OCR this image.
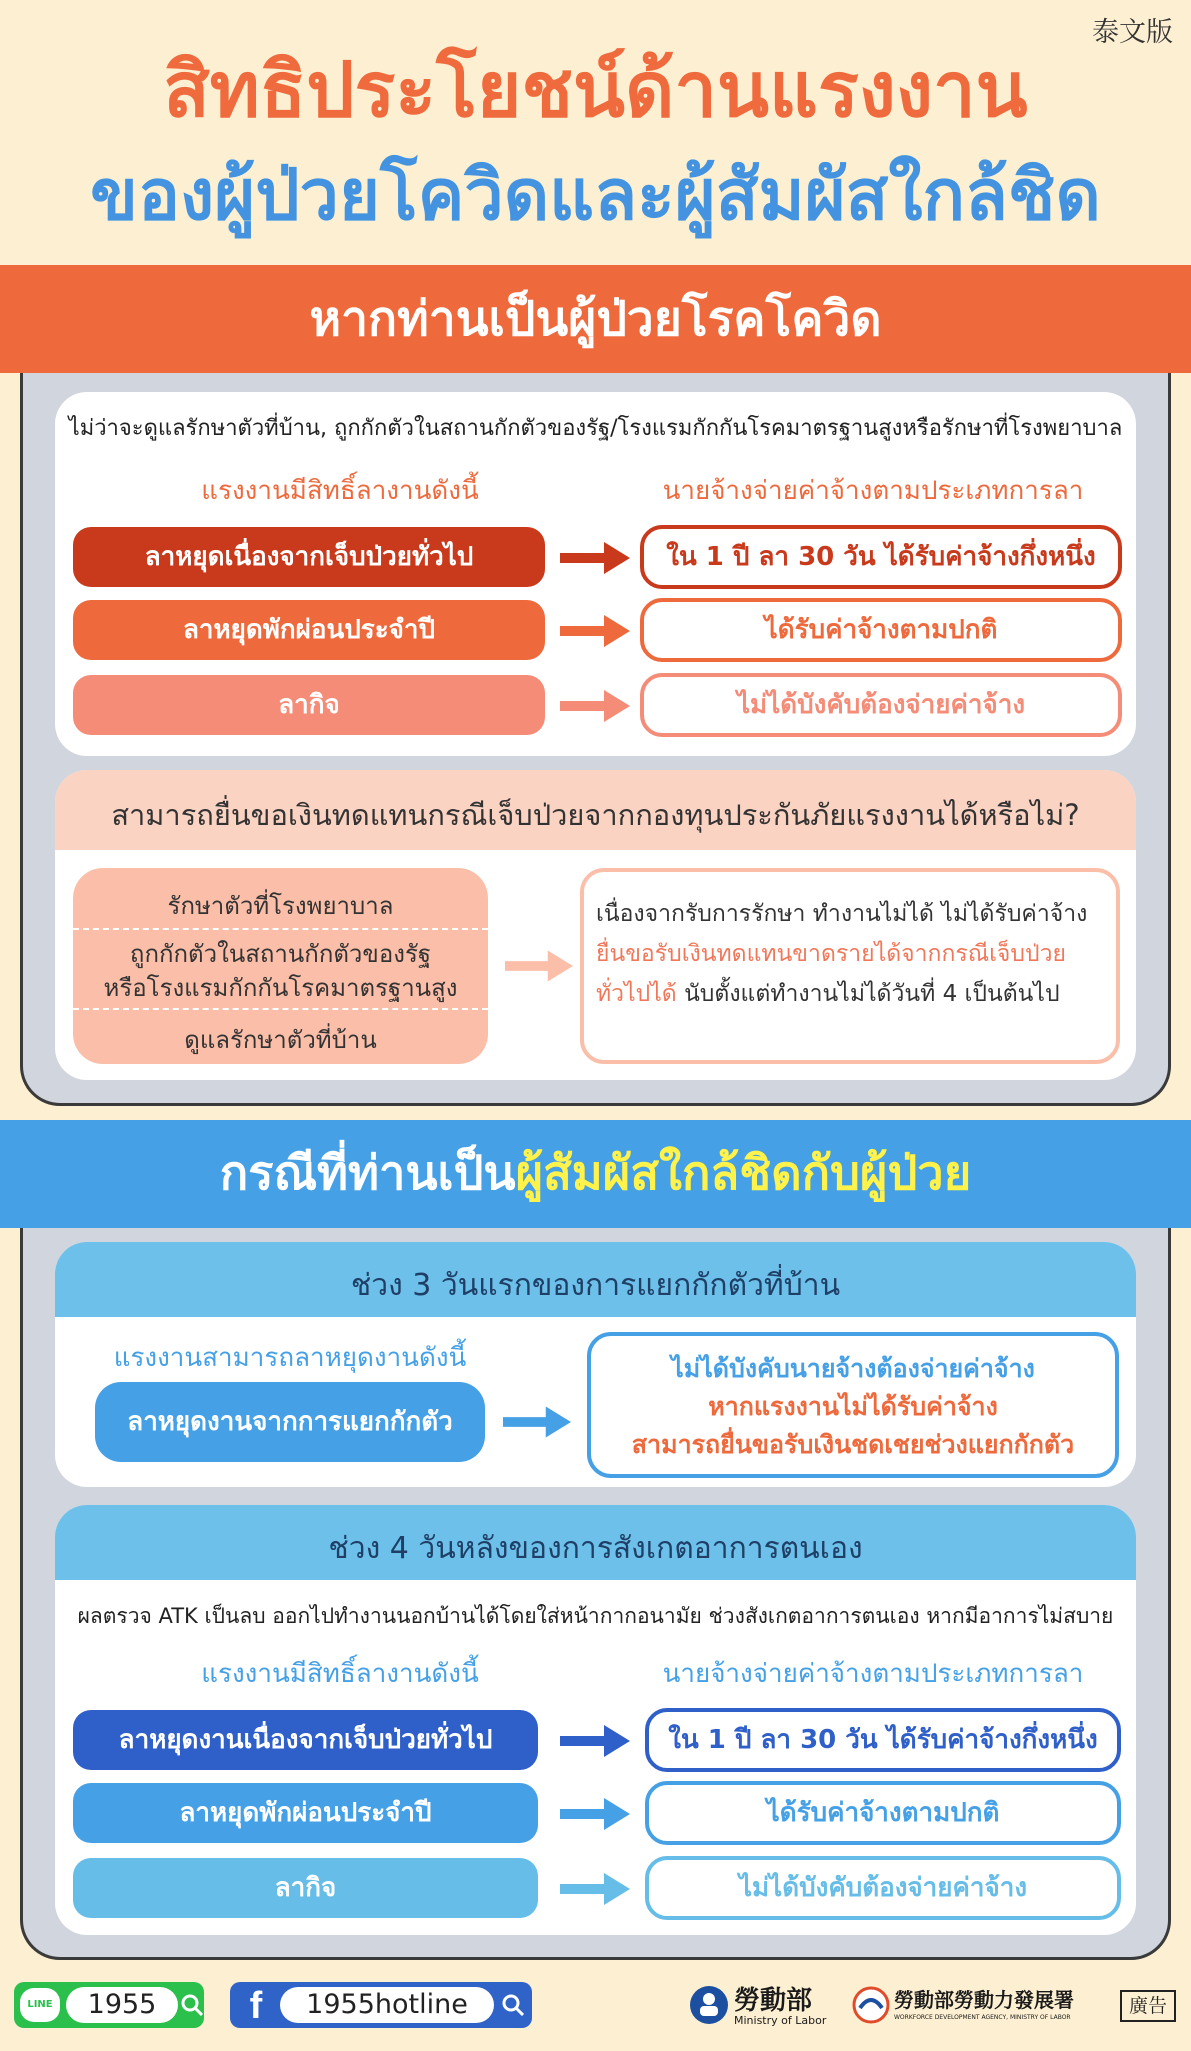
泰文版
สิทธิประโยชน์ด้านแรงงาน
ของผู้ป่วยโควิดและผู้สัมผัสใกล้ชิด
หากท่านเป็นผู้ป่วยโรคโควิด
ไม่ว่าจะดูแลรักษาตัวที่บ้าน, ถูกกักตัวในสถานกักตัวของรัฐ/โรงแรมกักกันโรคมาตรฐานสูงหรือรักษาที่โรงพยาบาล
แรงงานมีสิทธิ์ลางานดังนี้	นายจ้างจ่ายค่าจ้างตามประเภทการลา
ลาหยุดเนื่องจากเจ็บป่วยทั่วไป	ใน 1 ปี ลา 30 วัน ได้รับค่าจ้างกึ่งหนึ่ง
ลาหยุดพักผ่อนประจำปี	ได้รับค่าจ้างตามปกติ
ลากิจ	ไม่ได้บังคับต้องจ่ายค่าจ้าง
สามารถยื่นขอเงินทดแทนกรณีเจ็บป่วยจากกองทุนประกันภัยแรงงานได้หรือไม่?
รักษาตัวที่โรงพยาบาล
ถูกกักตัวในสถานกักตัวของรัฐ
หรือโรงแรมกักกันโรคมาตรฐานสูง
ดูแลรักษาตัวที่บ้าน
เนื่องจากรับการรักษา ทำงานไม่ได้ ไม่ได้รับค่าจ้าง
ยื่นขอรับเงินทดแทนขาดรายได้จากกรณีเจ็บป่วย
ทั่วไปได้ นับตั้งแต่ทำงานไม่ได้วันที่ 4 เป็นต้นไป
กรณีที่ท่านเป็นผู้สัมผัสใกล้ชิดกับผู้ป่วย
ช่วง 3 วันแรกของการแยกกักตัวที่บ้าน
แรงงานสามารถลาหยุดงานดังนี้
ลาหยุดงานจากการแยกกักตัว
ไม่ได้บังคับนายจ้างต้องจ่ายค่าจ้าง
หากแรงงานไม่ได้รับค่าจ้าง
สามารถยื่นขอรับเงินชดเชยช่วงแยกกักตัว
ช่วง 4 วันหลังของการสังเกตอาการตนเอง
ผลตรวจ ATK เป็นลบ ออกไปทำงานนอกบ้านได้โดยใส่หน้ากากอนามัย ช่วงสังเกตอาการตนเอง หากมีอาการไม่สบาย
แรงงานมีสิทธิ์ลางานดังนี้	นายจ้างจ่ายค่าจ้างตามประเภทการลา
ลาหยุดงานเนื่องจากเจ็บป่วยทั่วไป	ใน 1 ปี ลา 30 วัน ได้รับค่าจ้างกึ่งหนึ่ง
ลาหยุดพักผ่อนประจำปี	ได้รับค่าจ้างตามปกติ
ลากิจ	ไม่ได้บังคับต้องจ่ายค่าจ้าง
LINE	1955	f	1955hotline	勞動部
Ministry of Labor
勞動部勞動力發展署
WORKFORCE DEVELOPMENT AGENCY, MINISTRY OF LABOR
廣告
